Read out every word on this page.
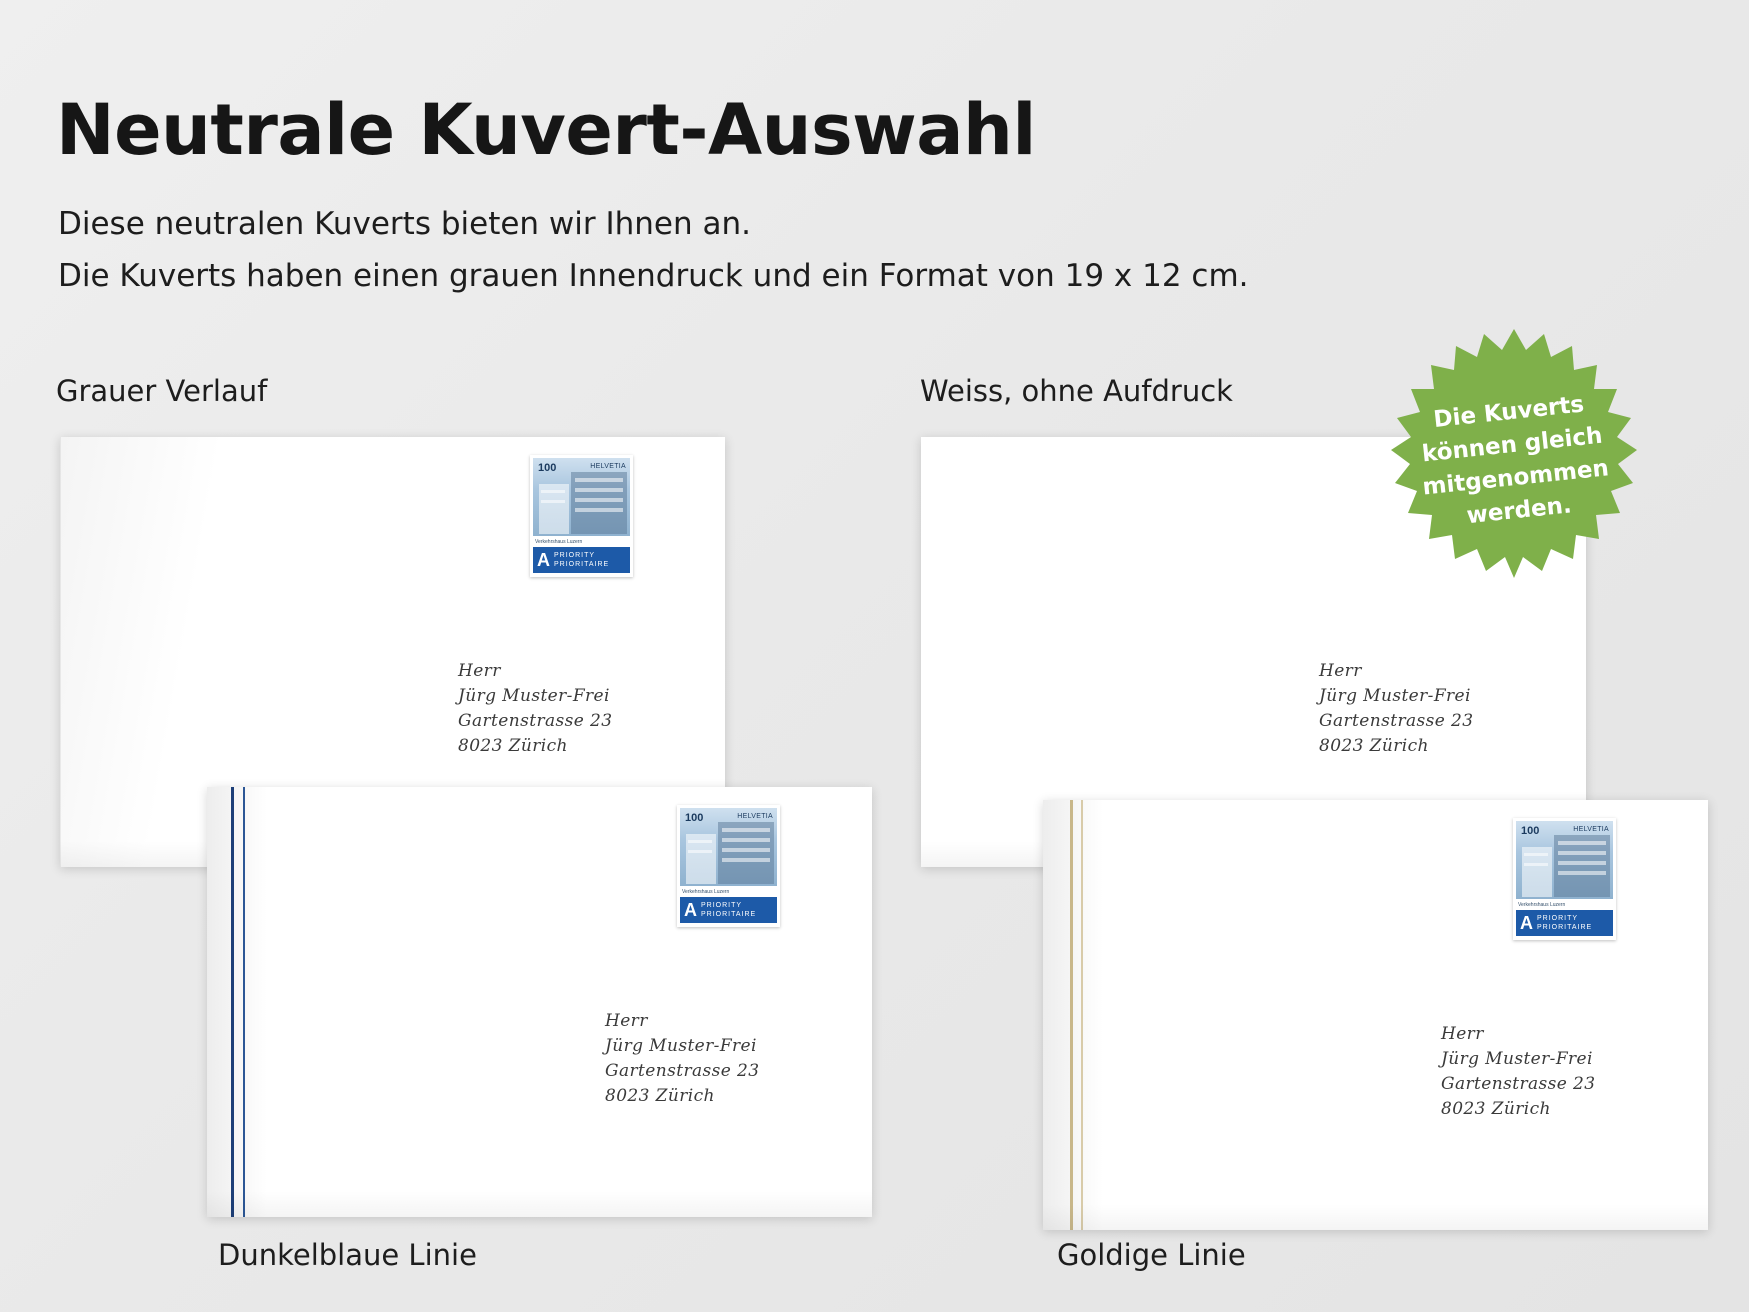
Neutrale Kuvert-Auswahl
Diese neutralen Kuverts bieten wir Ihnen an.
Die Kuverts haben einen grauen Innendruck und ein Format von 19 x 12 cm.
Grauer Verlauf	Weiss, ohne Aufdruck
Dunkelblaue Linie	Goldige Linie
100	HELVETIA
Verkehrshaus Luzern
A PRIORITY
PRIORITAIRE
Herr
Jürg Muster-Frei
Gartenstrasse 23
8023 Zürich
Herr
Jürg Muster-Frei
Gartenstrasse 23
8023 Zürich
100	HELVETIA
Verkehrshaus Luzern
A PRIORITY
PRIORITAIRE
Herr
Jürg Muster-Frei
Gartenstrasse 23
8023 Zürich
100	HELVETIA
Verkehrshaus Luzern
A PRIORITY
PRIORITAIRE
Herr
Jürg Muster-Frei
Gartenstrasse 23
8023 Zürich
Die Kuverts
können gleich
mitgenommen
werden.
